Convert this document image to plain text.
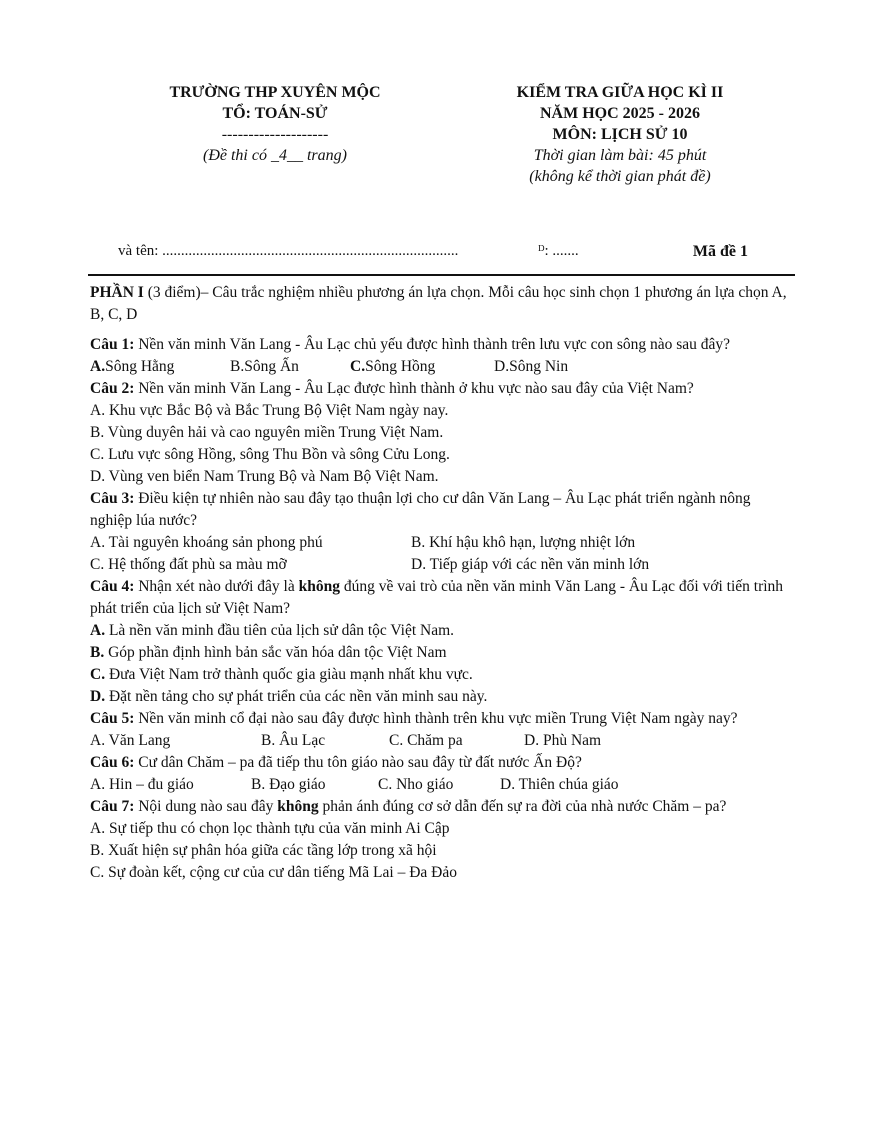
TRƯỜNG THP XUYÊN MỘC
TỔ: TOÁN-SỬ
--------------------
(Đề thi có _4__ trang)
KIỂM TRA GIỮA HỌC KÌ II
NĂM HỌC 2025 - 2026
MÔN: LỊCH SỬ 10
Thời gian làm bài: 45 phút
(không kể thời gian phát đề)
và tên: ...............................................................................	ᴰ: .......	Mã đề 1

PHẦN I (3 điểm)– Câu trắc nghiệm nhiều phương án lựa chọn. Mỗi câu học sinh chọn 1 phương án lựa chọn A, B, C, D

Câu 1: Nền văn minh Văn Lang - Âu Lạc chủ yếu được hình thành trên lưu vực con sông nào sau đây?

A.Sông Hằng	B.Sông Ấn	C.Sông Hồng	D.Sông Nin

Câu 2: Nền văn minh Văn Lang - Âu Lạc được hình thành ở khu vực nào sau đây của Việt Nam?

A. Khu vực Bắc Bộ và Bắc Trung Bộ Việt Nam ngày nay.

B. Vùng duyên hải và cao nguyên miền Trung Việt Nam.

C. Lưu vực sông Hồng, sông Thu Bồn và sông Cửu Long.

D. Vùng ven biển Nam Trung Bộ và Nam Bộ Việt Nam.

Câu 3: Điều kiện tự nhiên nào sau đây tạo thuận lợi cho cư dân Văn Lang – Âu Lạc phát triển ngành nông nghiệp lúa nước?

A. Tài nguyên khoáng sản phong phú	B. Khí hậu khô hạn, lượng nhiệt lớn
C. Hệ thống đất phù sa màu mỡ	D. Tiếp giáp với các nền văn minh lớn

Câu 4: Nhận xét nào dưới đây là không đúng về vai trò của nền văn minh Văn Lang - Âu Lạc đối với tiến trình phát triển của lịch sử Việt Nam?

A. Là nền văn minh đầu tiên của lịch sử dân tộc Việt Nam.

B. Góp phần định hình bản sắc văn hóa dân tộc Việt Nam

C. Đưa Việt Nam trở thành quốc gia giàu mạnh nhất khu vực.

D. Đặt nền tảng cho sự phát triển của các nền văn minh sau này.

Câu 5: Nền văn minh cổ đại nào sau đây được hình thành trên khu vực miền Trung Việt Nam ngày nay?

A. Văn Lang	B. Âu Lạc	C. Chăm pa	D. Phù Nam

Câu 6: Cư dân Chăm – pa đã tiếp thu tôn giáo nào sau đây từ đất nước Ấn Độ?

A. Hin – đu giáo	B. Đạo giáo	C. Nho giáo	D. Thiên chúa giáo

Câu 7: Nội dung nào sau đây không phản ánh đúng cơ sở dẫn đến sự ra đời của nhà nước Chăm – pa?

A. Sự tiếp thu có chọn lọc thành tựu của văn minh Ai Cập

B. Xuất hiện sự phân hóa giữa các tầng lớp trong xã hội

C. Sự đoàn kết, cộng cư của cư dân tiếng Mã Lai – Đa Đảo
